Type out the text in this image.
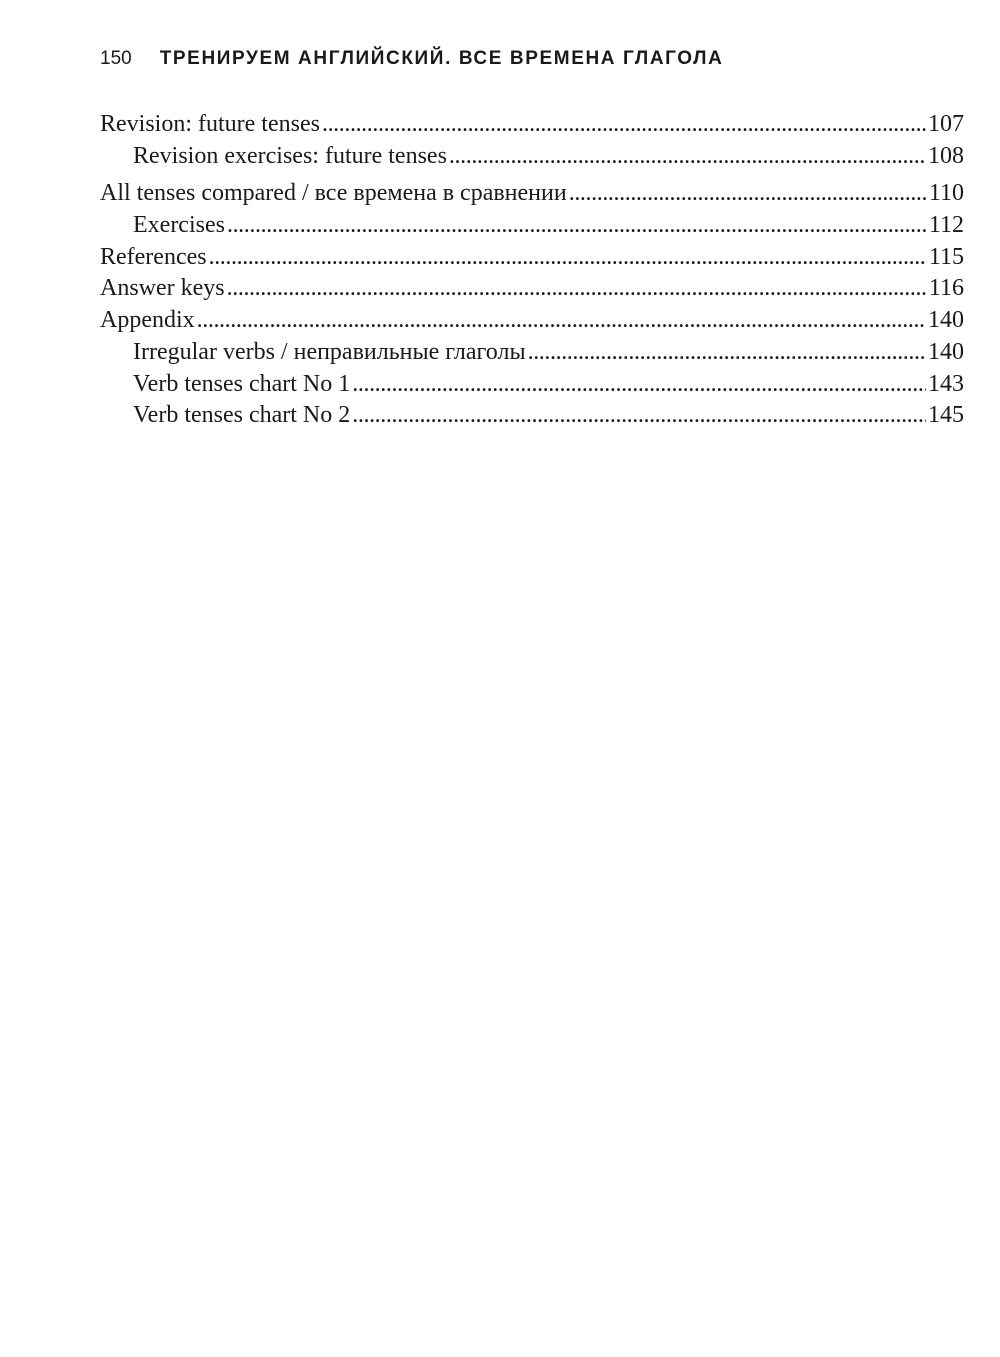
150 ТРЕНИРУЕМ АНГЛИЙСКИЙ. ВСЕ ВРЕМЕНА ГЛАГОЛА
Revision: future tenses . . .	107
Revision exercises: future tenses . . .	108
All tenses compared / все времена в сравнении . . .	110
Exercises . . .	112
References . . .	115
Answer keys . . .	116
Appendix . . .	140
Irregular verbs / неправильные глаголы . . .	140
Verb tenses chart No 1 . . .	143
Verb tenses chart No 2 . . .	145
